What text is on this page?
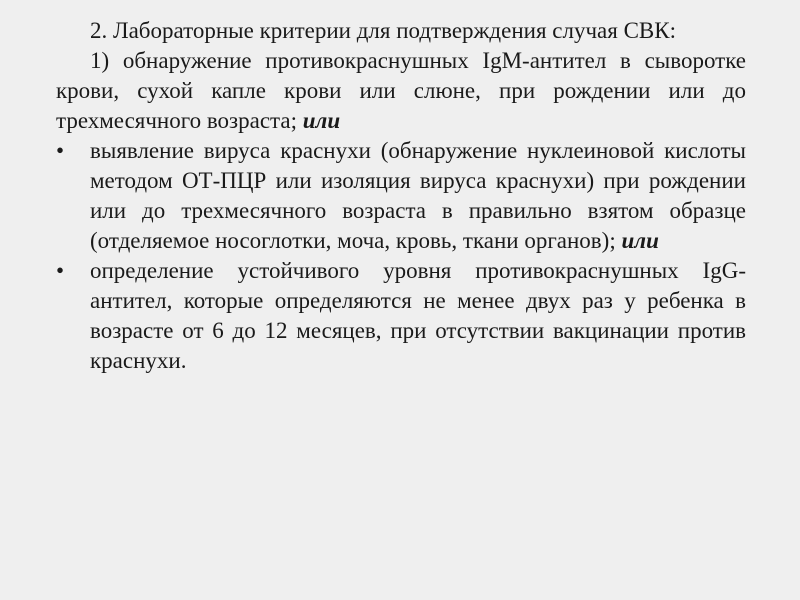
2. Лабораторные критерии для подтверждения случая СВК:

1) обнаружение противокраснушных IgM-антител в сыворотке крови, сухой капле крови или слюне, при рождении или до трехмесячного возраста; или

• выявление вируса краснухи (обнаружение нуклеиновой кислоты методом ОТ-ПЦР или изоляция вируса краснухи) при рождении или до трехмесячного возраста в правильно взятом образце (отделяемое носоглотки, моча, кровь, ткани органов); или
• определение устойчивого уровня противокраснушных IgG-антител, которые определяются не менее двух раз у ребенка в возрасте от 6 до 12 месяцев, при отсутствии вакцинации против краснухи.
